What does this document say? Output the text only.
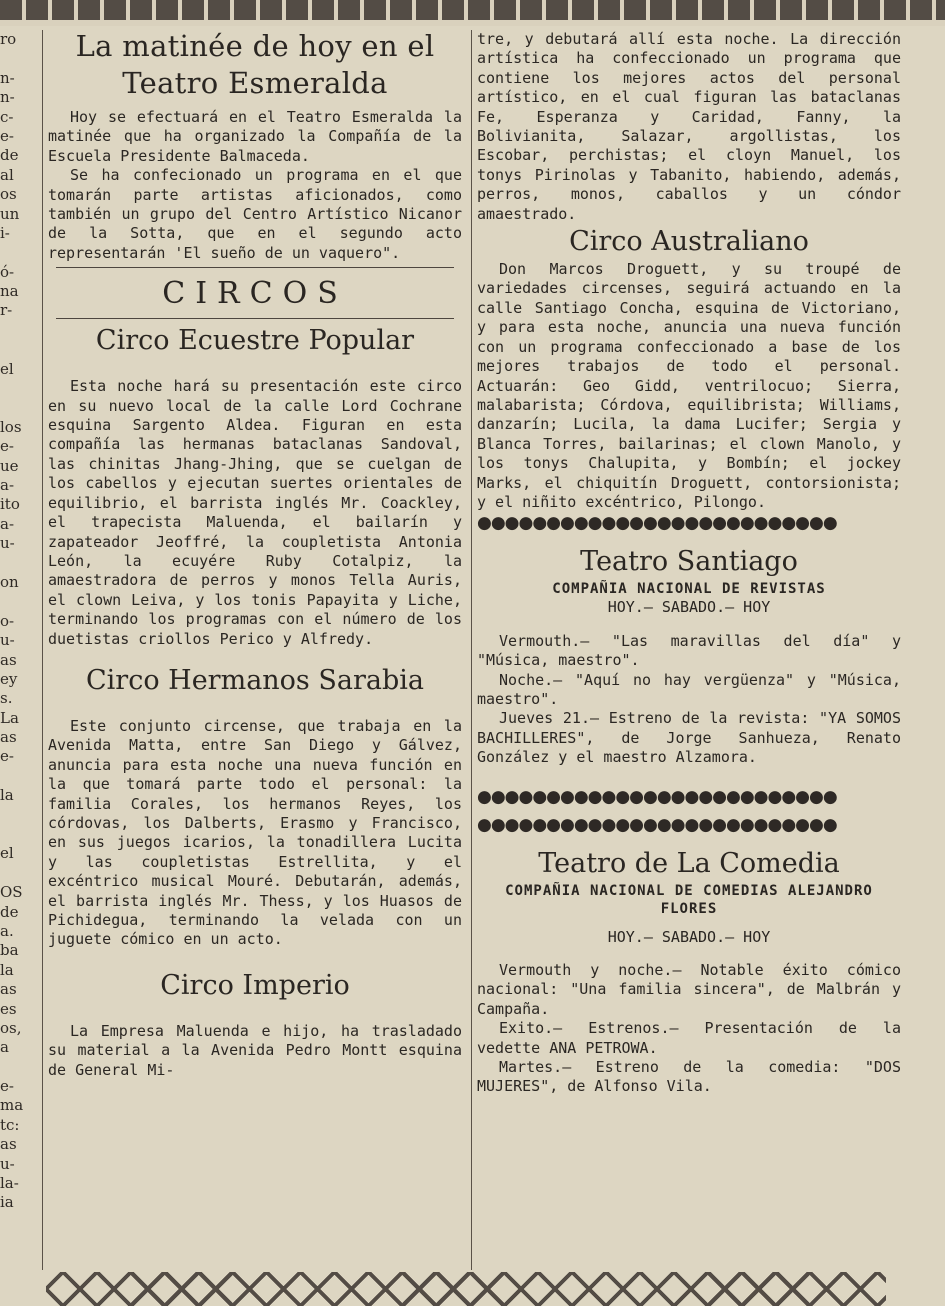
ro
n-
n-
c-
e-
de
al
os
un
i-
ó-
na
r-
el
los
e-
ue
a-
ito
a-
u-
on
o-
u-
as
ey
s.
La
as
e-
la
el
OS
de
a.
ba
la
as
es
os,
a
e-
ma
tc:
as
u-
la-
ia
La matinée de hoy en el Teatro Esmeralda

Hoy se efectuará en el Teatro Esmeralda la matinée que ha organizado la Compañía de la Escuela Presidente Balmaceda.

Se ha confecionado un programa en el que tomarán parte artistas aficionados, como también un grupo del Centro Artístico Nicanor de la Sotta, que en el segundo acto representarán 'El sueño de un vaquero".

CIRCOS
Circo Ecuestre Popular

Esta noche hará su presentación este circo en su nuevo local de la calle Lord Cochrane esquina Sargento Aldea. Figuran en esta compañía las hermanas bataclanas Sandoval, las chinitas Jhang-Jhing, que se cuelgan de los cabellos y ejecutan suertes orientales de equilibrio, el barrista inglés Mr. Coackley, el trapecista Maluenda, el bailarín y zapateador Jeoffré, la coupletista Antonia León, la ecuyére Ruby Cotalpiz, la amaestradora de perros y monos Tella Auris, el clown Leiva, y los tonis Papayita y Liche, terminando los programas con el número de los duetistas criollos Perico y Alfredy.

Circo Hermanos Sarabia

Este conjunto circense, que trabaja en la Avenida Matta, entre San Diego y Gálvez, anuncia para esta noche una nueva función en la que tomará parte todo el personal: la familia Corales, los hermanos Reyes, los córdovas, los Dalberts, Erasmo y Francisco, en sus juegos icarios, la tonadillera Lucita y las coupletistas Estrellita, y el excéntrico musical Mouré. Debutarán, además, el barrista inglés Mr. Thess, y los Huasos de Pichidegua, terminando la velada con un juguete cómico en un acto.

Circo Imperio

La Empresa Maluenda e hijo, ha trasladado su material a la Avenida Pedro Montt esquina de General Mi-

tre, y debutará allí esta noche. La dirección artística ha confeccionado un programa que contiene los mejores actos del personal artístico, en el cual figuran las bataclanas Fe, Esperanza y Caridad, Fanny, la Bolivianita, Salazar, argollistas, los Escobar, perchistas; el cloyn Manuel, los tonys Pirinolas y Tabanito, habiendo, además, perros, monos, caballos y un cóndor amaestrado.

Circo Australiano

Don Marcos Droguett, y su troupé de variedades circenses, seguirá actuando en la calle Santiago Concha, esquina de Victoriano, y para esta noche, anuncia una nueva función con un programa confeccionado a base de los mejores trabajos de todo el personal. Actuarán: Geo Gidd, ventrilocuo; Sierra, malabarista; Córdova, equilibrista; Williams, danzarín; Lucila, la dama Lucifer; Sergia y Blanca Torres, bailarinas; el clown Manolo, y los tonys Chalupita, y Bombín; el jockey Marks, el chiquitín Droguett, contorsionista; y el niñito excéntrico, Pilongo.

●●●●●●●●●●●●●●●●●●●●●●●●●●
Teatro Santiago
COMPAÑIA NACIONAL DE REVISTAS
HOY.— SABADO.— HOY

Vermouth.— "Las maravillas del día" y "Música, maestro".

Noche.— "Aquí no hay vergüenza" y "Música, maestro".

Jueves 21.— Estreno de la revista: "YA SOMOS BACHILLERES", de Jorge Sanhueza, Renato González y el maestro Alzamora.

●●●●●●●●●●●●●●●●●●●●●●●●●●
●●●●●●●●●●●●●●●●●●●●●●●●●●
Teatro de La Comedia
COMPAÑIA NACIONAL DE COMEDIAS ALEJANDRO FLORES
HOY.— SABADO.— HOY

Vermouth y noche.— Notable éxito cómico nacional: "Una familia sincera", de Malbrán y Campaña.

Exito.— Estrenos.— Presentación de la vedette ANA PETROWA.

Martes.— Estreno de la comedia: "DOS MUJERES", de Alfonso Vila.
